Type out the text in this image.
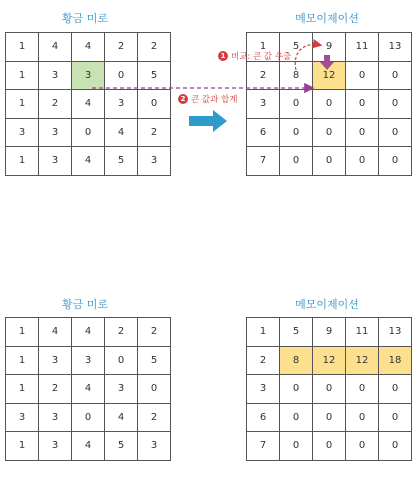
황금 미로
1	4	4	2	2
1	3	3	0	5
1	2	4	3	0
3	3	0	4	2
1	3	4	5	3
메모이제이션
1	5	9	11	13
2	8	12	0	0
3	0	0	0	0
6	0	0	0	0
7	0	0	0	0
1 비교: 큰 값 추출
2 큰 값과 합계
황금 미로
1	4	4	2	2
1	3	3	0	5
1	2	4	3	0
3	3	0	4	2
1	3	4	5	3
메모이제이션
1	5	9	11	13
2	8	12	12	18
3	0	0	0	0
6	0	0	0	0
7	0	0	0	0
